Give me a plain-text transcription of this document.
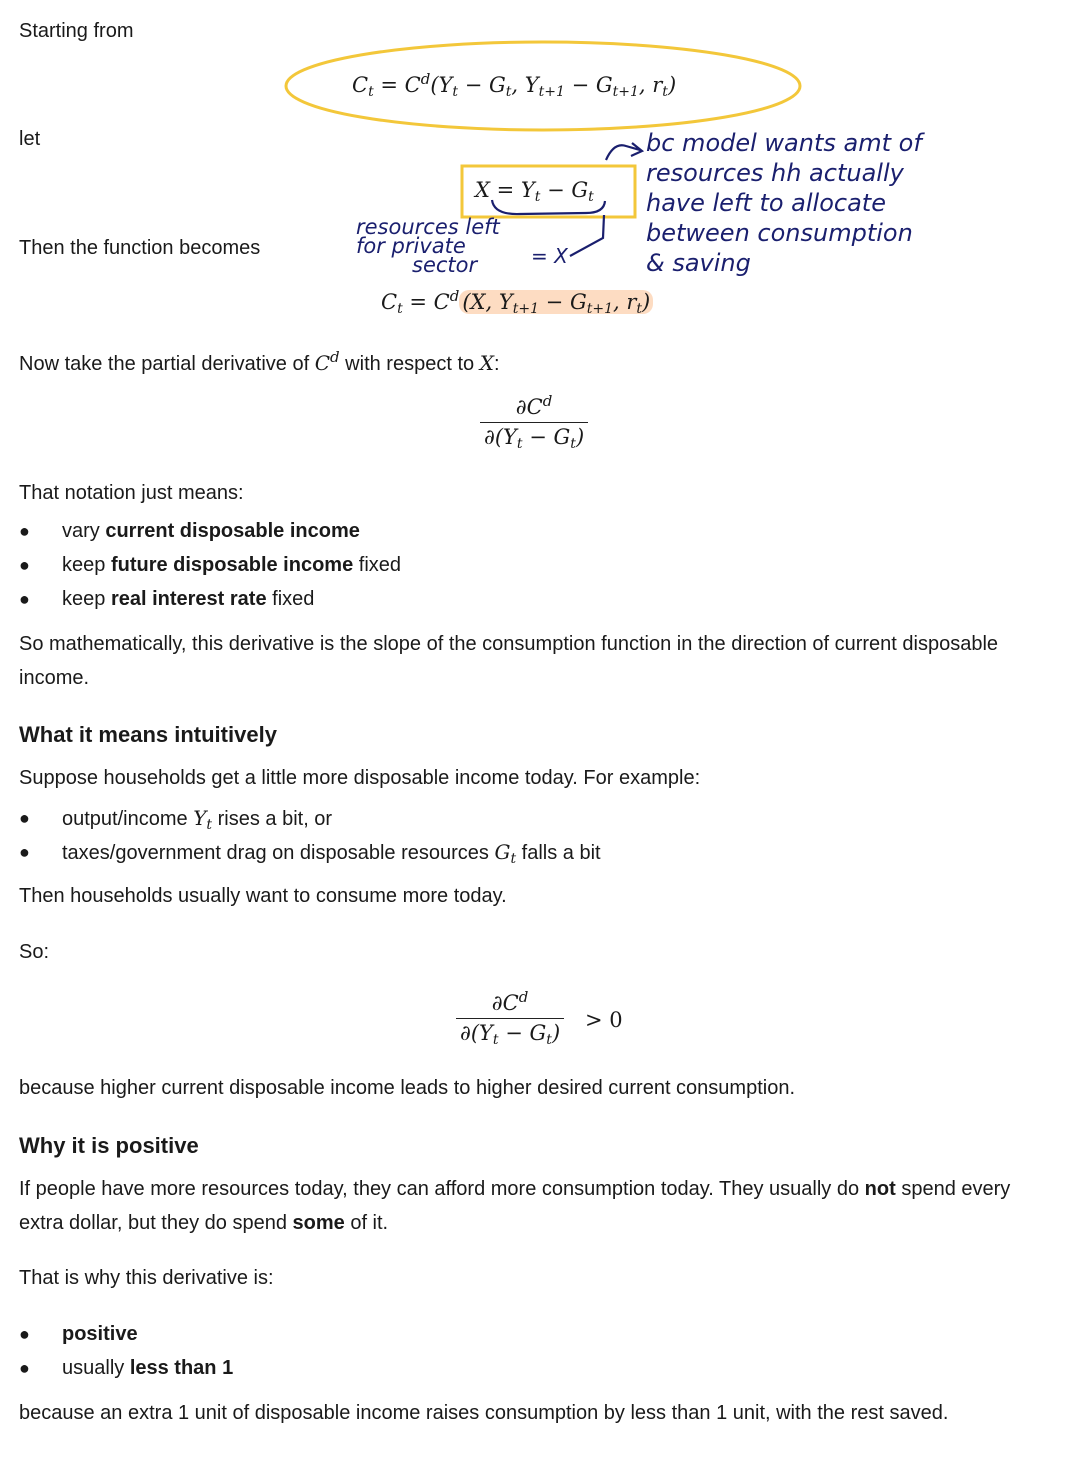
Starting from
let
Then the function becomes
$C_t = C^d(Y_t - G_t$, $Y_{t+1} - G_{t+1}$, $r_t$)
$X = Y_t - G_t$
$C_t = C^d$ (X, $Y_{t+1} - G_{t+1}$, $r_t$)
Now take the partial derivative of $C^d$ with respect to X:
$\frac{\partial C^d}{\partial(Y_t - G_t)}$
That notation just means:
●	vary current disposable income
●	keep future disposable income fixed
●	keep real interest rate fixed
So mathematically, this derivative is the slope of the consumption function in the direction of current disposable income.
What it means intuitively
Suppose households get a little more disposable income today. For example:
●	output/income $Y_t$ rises a bit, or
●	taxes/government drag on disposable resources $G_t$ falls a bit
Then households usually want to consume more today.
So:
$\frac{\partial C^d}{\partial(Y_t - G_t)} > 0$
because higher current disposable income leads to higher desired current consumption.
Why it is positive
If people have more resources today, they can afford more consumption today. They usually do not spend every extra dollar, but they do spend some of it.
That is why this derivative is:
●	positive
●	usually less than 1
because an extra 1 unit of disposable income raises consumption by less than 1 unit, with the rest saved.
bc model wants amt of
resources hh actually
have left to allocate
between consumption
& saving
resources left
for private
sector	= X
